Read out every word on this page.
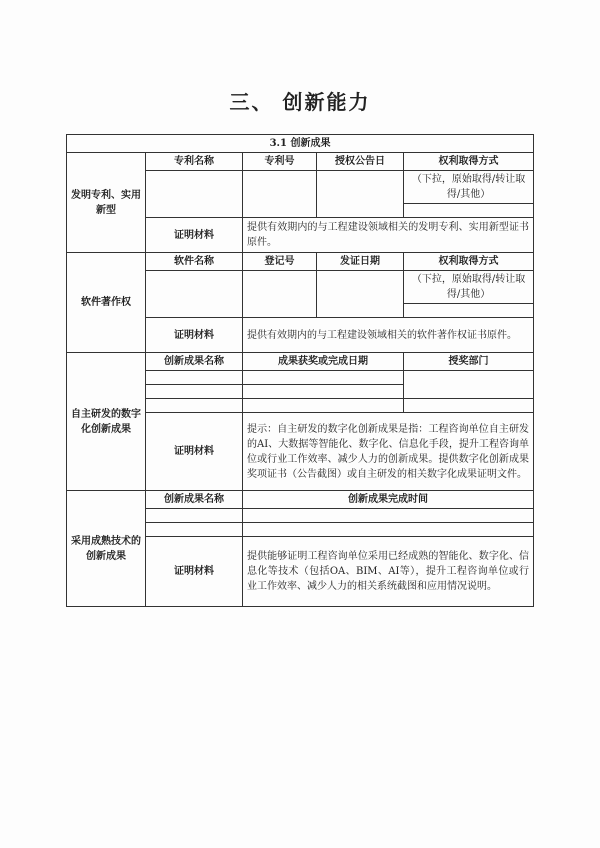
三、 创新能力
3.1 创新成果				
发明专利、实用新型	专利名称	专利号	授权公告日	权利取得方式
				（下拉，原始取得/转让取得/其他）

	证明材料	提供有效期内的与工程建设领域相关的发明专利、实用新型证书原件。		
软件著作权	软件名称	登记号	发证日期	权利取得方式
				（下拉，原始取得/转让取得/其他）

	证明材料	提供有效期内的与工程建设领域相关的软件著作权证书原件。		
自主研发的数字化创新成果	创新成果名称	成果获奖或完成日期		授奖部门

	证明材料	提示：自主研发的数字化创新成果是指：工程咨询单位自主研发的AI、大数据等智能化、数字化、信息化手段，提升工程咨询单位或行业工作效率、减少人力的创新成果。提供数字化创新成果奖项证书（公告截图）或自主研发的相关数字化成果证明文件。		
采用成熟技术的创新成果	创新成果名称	创新成果完成时间		

	证明材料	提供能够证明工程咨询单位采用已经成熟的智能化、数字化、信息化等技术（包括OA、BIM、AI等），提升工程咨询单位或行业工作效率、减少人力的相关系统截图和应用情况说明。		
